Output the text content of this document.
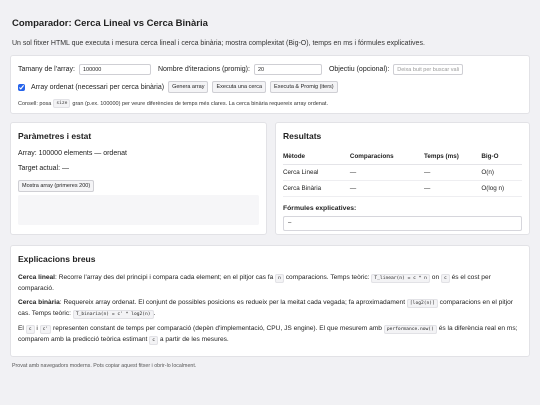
Comparador: Cerca Lineal vs Cerca Binària
Un sol fitxer HTML que executa i mesura cerca lineal i cerca binària; mostra complexitat (Big-O), temps en ms i fórmules explicatives.
Tamany de l'array:
100000	Nombre d'iteracions (promig):
20	Objectiu (opcional):
Deixa buit per buscar vali
Array ordenat (necessari per cerca binària)	Genera array	Executa una cerca	Executa & Promig (iters)
Consell: posa	size gran (p.ex. 100000) per veure diferències de temps més clares. La cerca binària requereix array ordenat.
Paràmetres i estat
Array: 100000 elements — ordenat
Target actual: —
Mostra array (primeres 200)
Resultats
Mètode	Comparacions	Temps (ms)	Big-O
Cerca Lineal	—	—	O(n)
Cerca Binària	—	—	O(log n)
Fórmules explicatives:
–
Explicacions breus

Cerca lineal: Recorre l'array des del principi i compara cada element; en el pitjor cas fa n comparacions. Temps teòric: T_linear(n) = c * n on c és el cost per comparació.

Cerca binària: Requereix array ordenat. El conjunt de possibles posicions es redueix per la meitat cada vegada; fa aproximadament ⌈log2(n)⌉ comparacions en el pitjor cas. Temps teòric: T_binaria(n) = c' * log2(n) .

El c i c' representen constant de temps per comparació (depèn d'implementació, CPU, JS engine). El que mesurem amb performance.now() és la diferència real en ms; comparem amb la predicció teòrica estimant c a partir de les mesures.

Provat amb navegadors moderns. Pots copiar aquest fitxer i obrir-lo localment.
